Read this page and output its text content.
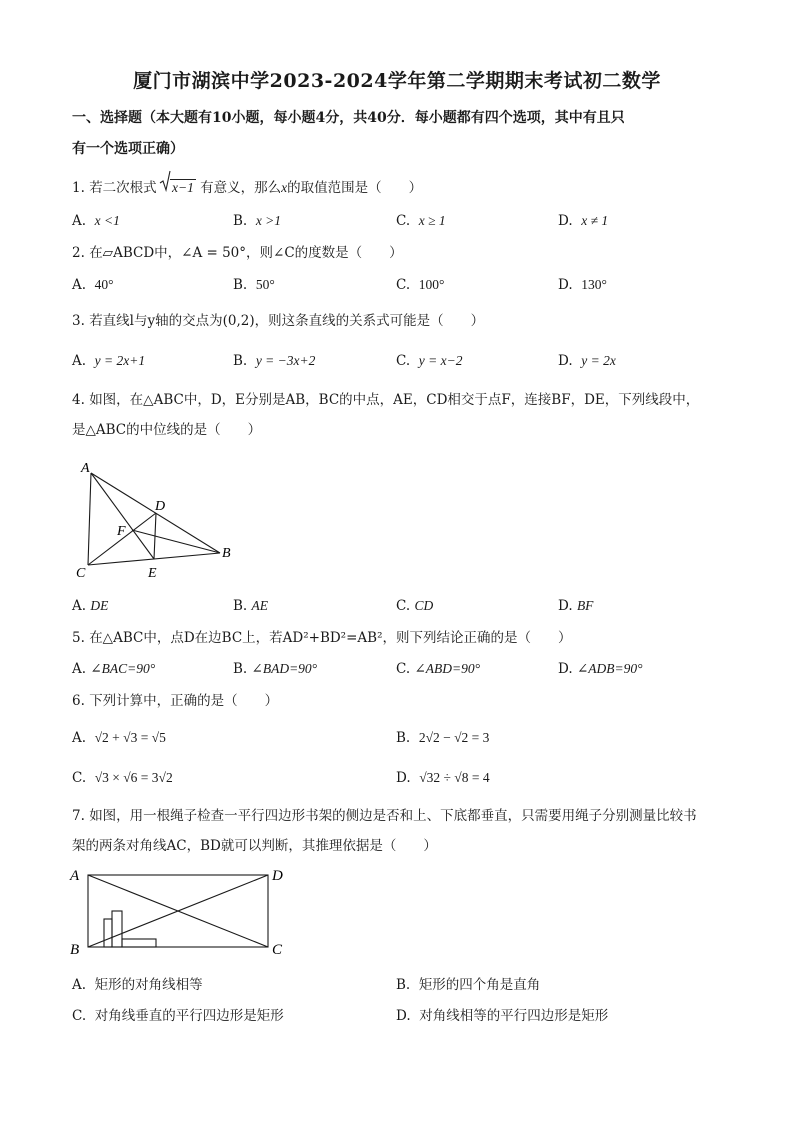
厦门市湖滨中学2023-2024学年第二学期期末考试初二数学
一、选择题（本大题有10小题，每小题4分，共40分．每小题都有四个选项，其中有且只
有一个选项正确）
1. 若二次根式 x−1 有意义，那么x的取值范围是（　　）
A. x <1	B. x >1	C. x ≥ 1	D. x ≠ 1
2. 在▱ABCD中，∠A = 50°，则∠C的度数是（　　）
A. 40°	B. 50°	C. 100°	D. 130°
3. 若直线l与y轴的交点为(0,2)，则这条直线的关系式可能是（　　）
A. y = 2x+1	B. y = −3x+2	C. y = x−2	D. y = 2x
4. 如图，在△ABC中，D，E分别是AB，BC的中点，AE，CD相交于点F，连接BF，DE，下列线段中，
是△ABC的中位线的是（　　）
A
D
F
B
C	E
A. DE	B. AE	C. CD	D. BF
5. 在△ABC中，点D在边BC上，若AD²+BD²=AB²，则下列结论正确的是（　　）
A. ∠BAC=90°	B. ∠BAD=90°	C. ∠ABD=90°	D. ∠ADB=90°
6. 下列计算中，正确的是（　　）
A. √2 + √3 = √5	B. 2√2 − √2 = 3
C. √3 × √6 = 3√2	D. √32 ÷ √8 = 4
7. 如图，用一根绳子检查一平行四边形书架的侧边是否和上、下底都垂直，只需要用绳子分别测量比较书
架的两条对角线AC，BD就可以判断，其推理依据是（　　）
A	D
B	C
A. 矩形的对角线相等	B. 矩形的四个角是直角
C. 对角线垂直的平行四边形是矩形	D. 对角线相等的平行四边形是矩形
